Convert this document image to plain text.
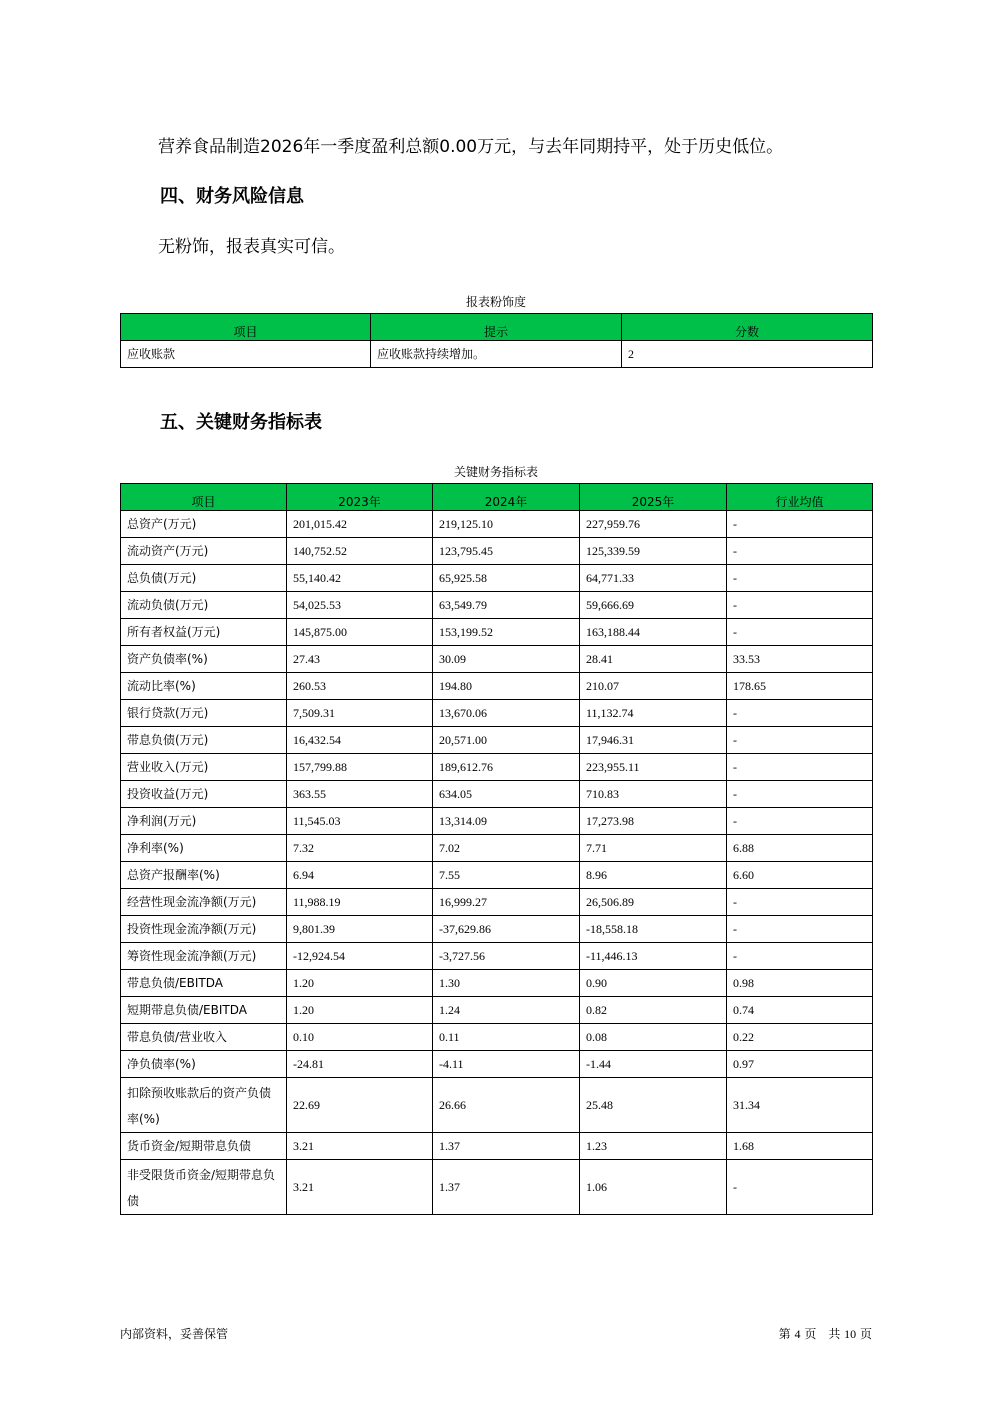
营养食品制造2026年一季度盈利总额0.00万元，与去年同期持平，处于历史低位。

四、财务风险信息

无粉饰，报表真实可信。

报表粉饰度
项目	提示	分数
应收账款	应收账款持续增加。	2
五、关键财务指标表
关键财务指标表
项目	2023年	2024年	2025年	行业均值
总资产(万元)	201,015.42	219,125.10	227,959.76	-
流动资产(万元)	140,752.52	123,795.45	125,339.59	-
总负债(万元)	55,140.42	65,925.58	64,771.33	-
流动负债(万元)	54,025.53	63,549.79	59,666.69	-
所有者权益(万元)	145,875.00	153,199.52	163,188.44	-
资产负债率(%)	27.43	30.09	28.41	33.53
流动比率(%)	260.53	194.80	210.07	178.65
银行贷款(万元)	7,509.31	13,670.06	11,132.74	-
带息负债(万元)	16,432.54	20,571.00	17,946.31	-
营业收入(万元)	157,799.88	189,612.76	223,955.11	-
投资收益(万元)	363.55	634.05	710.83	-
净利润(万元)	11,545.03	13,314.09	17,273.98	-
净利率(%)	7.32	7.02	7.71	6.88
总资产报酬率(%)	6.94	7.55	8.96	6.60
经营性现金流净额(万元)	11,988.19	16,999.27	26,506.89	-
投资性现金流净额(万元)	9,801.39	-37,629.86	-18,558.18	-
筹资性现金流净额(万元)	-12,924.54	-3,727.56	-11,446.13	-
带息负债/EBITDA	1.20	1.30	0.90	0.98
短期带息负债/EBITDA	1.20	1.24	0.82	0.74
带息负债/营业收入	0.10	0.11	0.08	0.22
净负债率(%)	-24.81	-4.11	-1.44	0.97
扣除预收账款后的资产负债率(%)	22.69	26.66	25.48	31.34
货币资金/短期带息负债	3.21	1.37	1.23	1.68
非受限货币资金/短期带息负债	3.21	1.37	1.06	-
内部资料，妥善保管	第 4 页　共 10 页
